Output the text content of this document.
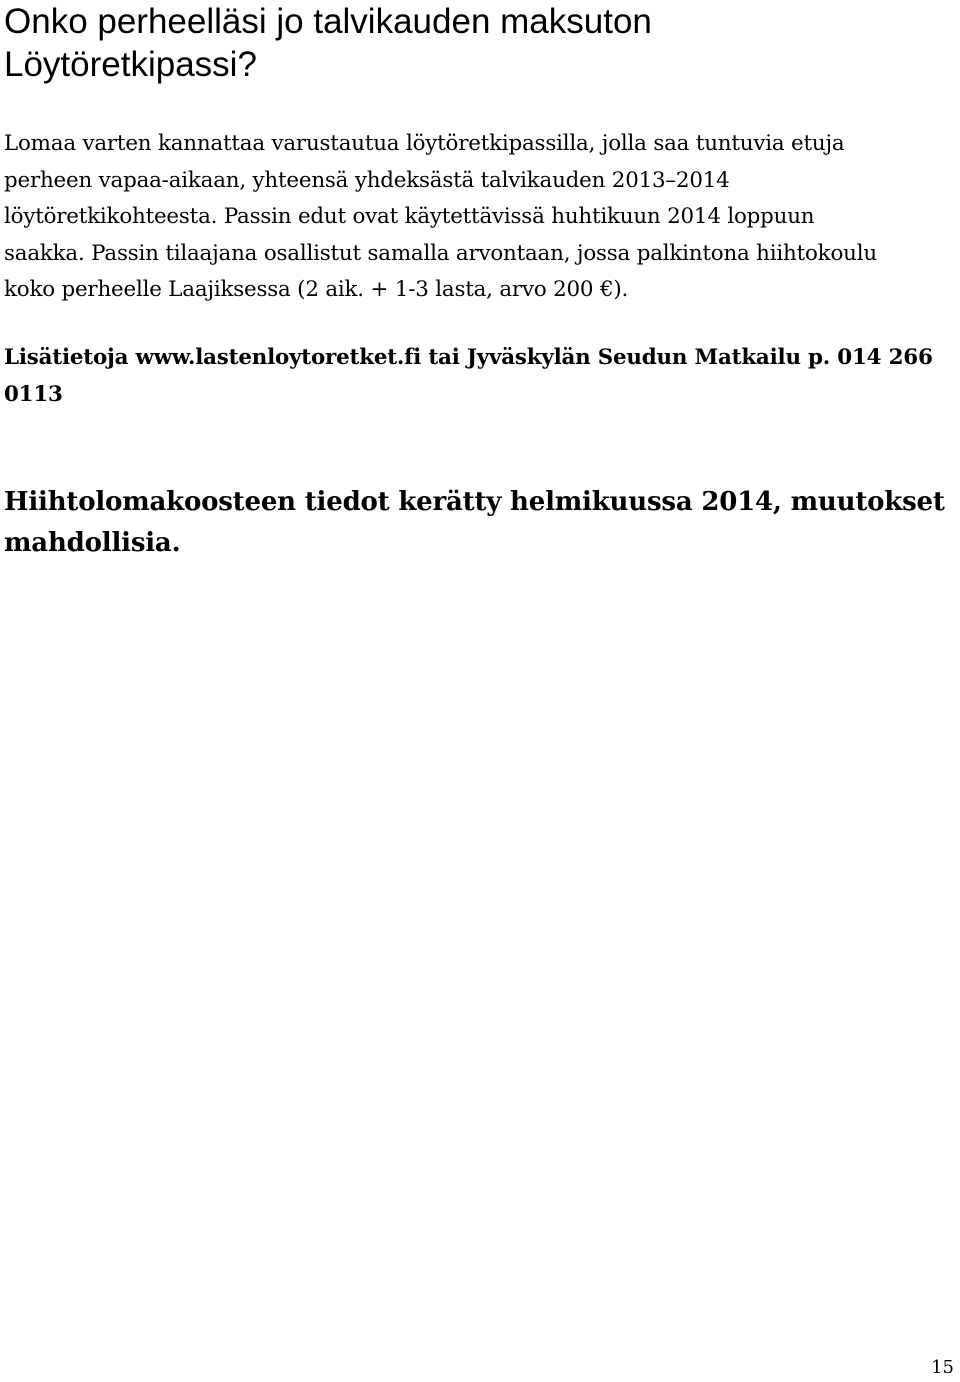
Onko perheelläsi jo talvikauden maksuton
Löytöretkipassi?

Lomaa varten kannattaa varustautua löytöretkipassilla, jolla saa tuntuvia etuja
perheen vapaa-aikaan, yhteensä yhdeksästä talvikauden 2013–2014
löytöretkikohteesta. Passin edut ovat käytettävissä huhtikuun 2014 loppuun
saakka. Passin tilaajana osallistut samalla arvontaan, jossa palkintona hiihtokoulu
koko perheelle Laajiksessa (2 aik. + 1-3 lasta, arvo 200 €).

Lisätietoja www.lastenloytoretket.fi tai Jyväskylän Seudun Matkailu p. 014 266
0113

Hiihtolomakoosteen tiedot kerätty helmikuussa 2014, muutokset
mahdollisia.

15
